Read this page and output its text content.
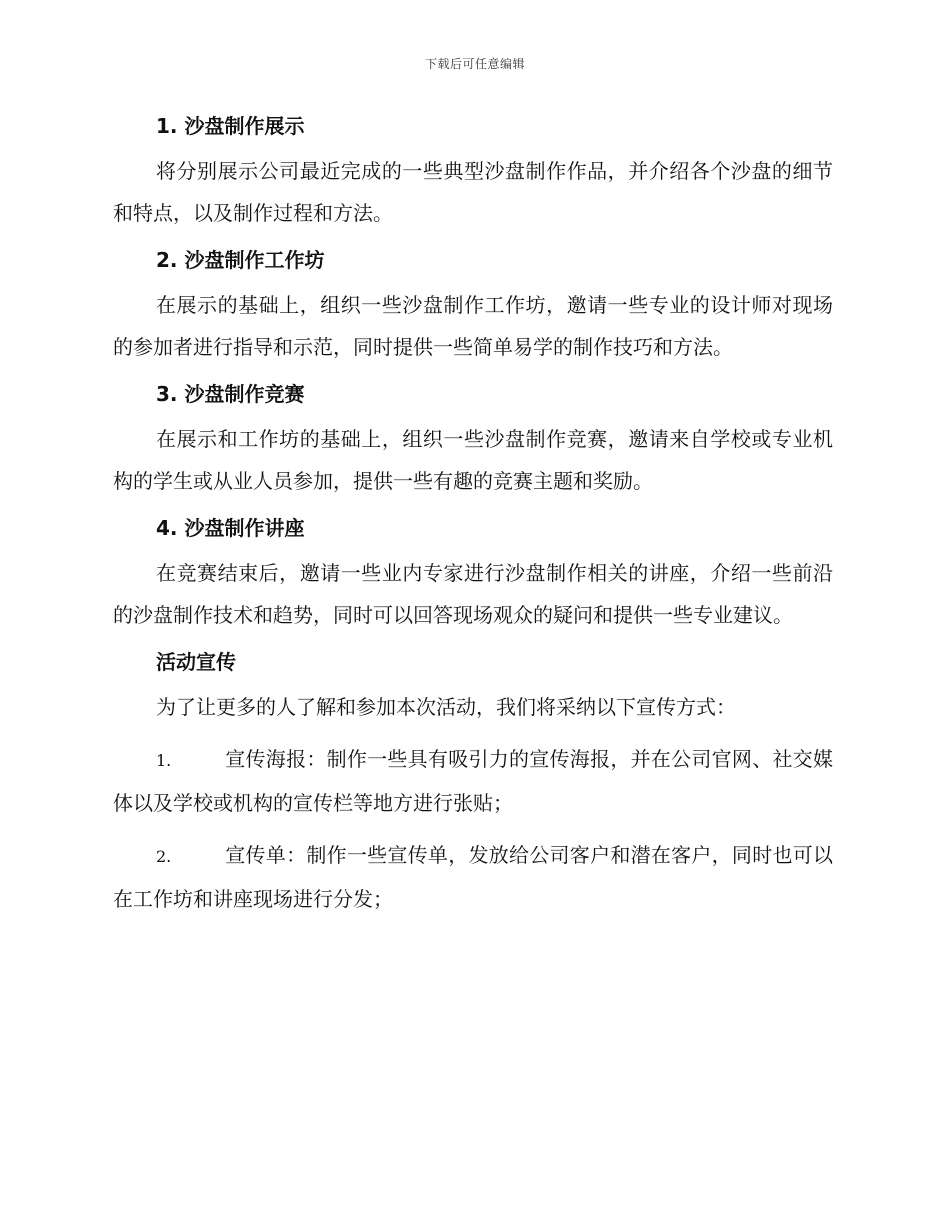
下载后可任意编辑
1. 沙盘制作展示

将分别展示公司最近完成的一些典型沙盘制作作品，并介绍各个沙盘的细节和特点，以及制作过程和方法。

2. 沙盘制作工作坊

在展示的基础上，组织一些沙盘制作工作坊，邀请一些专业的设计师对现场的参加者进行指导和示范，同时提供一些简单易学的制作技巧和方法。

3. 沙盘制作竞赛

在展示和工作坊的基础上，组织一些沙盘制作竞赛，邀请来自学校或专业机构的学生或从业人员参加，提供一些有趣的竞赛主题和奖励。

4. 沙盘制作讲座

在竞赛结束后，邀请一些业内专家进行沙盘制作相关的讲座，介绍一些前沿的沙盘制作技术和趋势，同时可以回答现场观众的疑问和提供一些专业建议。

活动宣传

为了让更多的人了解和参加本次活动，我们将采纳以下宣传方式：

1.	宣传海报：制作一些具有吸引力的宣传海报，并在公司官网、社交媒体以及学校或机构的宣传栏等地方进行张贴；

2.	宣传单：制作一些宣传单，发放给公司客户和潜在客户，同时也可以在工作坊和讲座现场进行分发；
